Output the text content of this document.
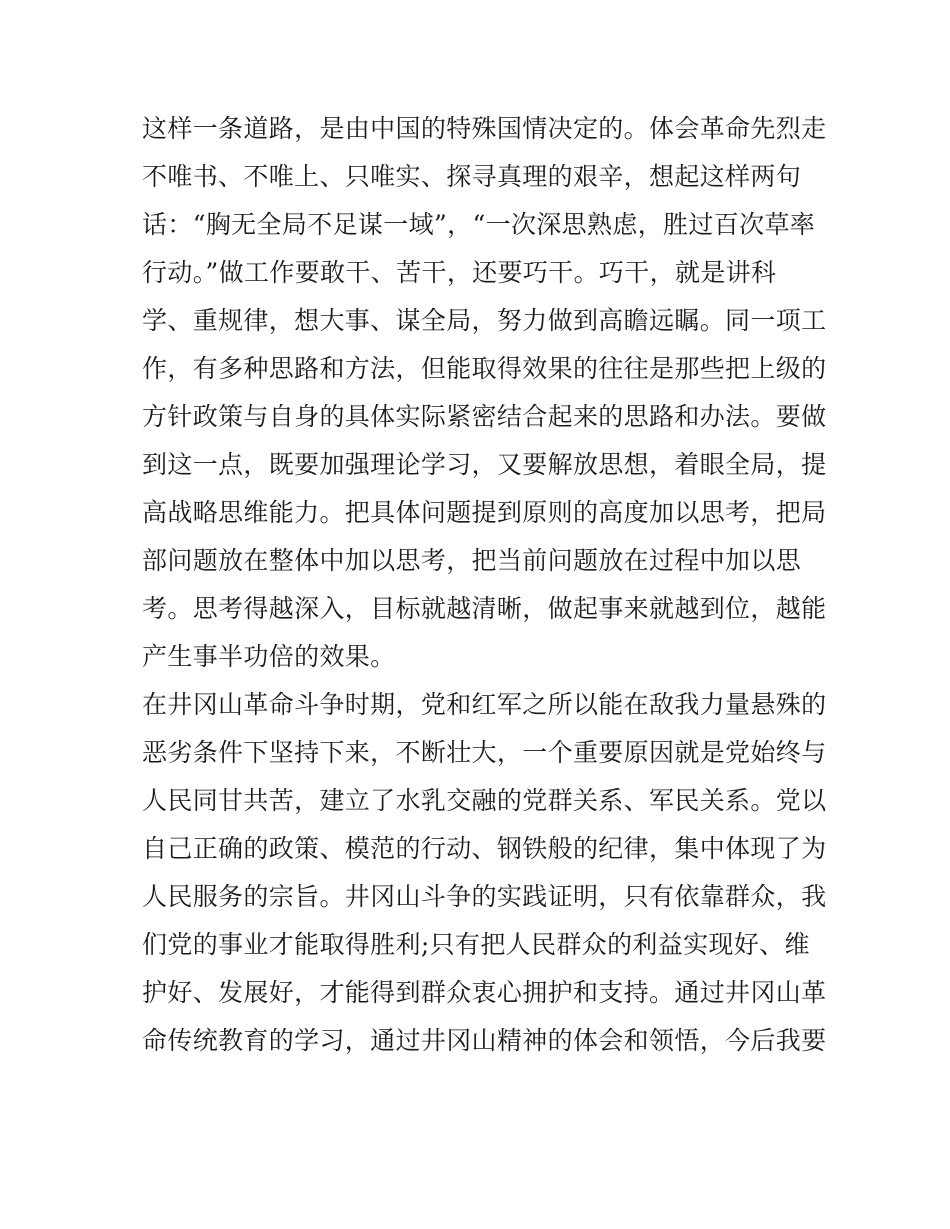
这样一条道路，是由中国的特殊国情决定的。体会革命先烈走
不唯书、不唯上、只唯实、探寻真理的艰辛，想起这样两句
话：“胸无全局不足谋一域”，“一次深思熟虑，胜过百次草率
行动。”做工作要敢干、苦干，还要巧干。巧干，就是讲科
学、重规律，想大事、谋全局，努力做到高瞻远瞩。同一项工
作，有多种思路和方法，但能取得效果的往往是那些把上级的
方针政策与自身的具体实际紧密结合起来的思路和办法。要做
到这一点，既要加强理论学习，又要解放思想，着眼全局，提
高战略思维能力。把具体问题提到原则的高度加以思考，把局
部问题放在整体中加以思考，把当前问题放在过程中加以思
考。思考得越深入，目标就越清晰，做起事来就越到位，越能
产生事半功倍的效果。
在井冈山革命斗争时期，党和红军之所以能在敌我力量悬殊的
恶劣条件下坚持下来，不断壮大，一个重要原因就是党始终与
人民同甘共苦，建立了水乳交融的党群关系、军民关系。党以
自己正确的政策、模范的行动、钢铁般的纪律，集中体现了为
人民服务的宗旨。井冈山斗争的实践证明，只有依靠群众，我
们党的事业才能取得胜利;只有把人民群众的利益实现好、维
护好、发展好，才能得到群众衷心拥护和支持。通过井冈山革
命传统教育的学习，通过井冈山精神的体会和领悟，今后我要
